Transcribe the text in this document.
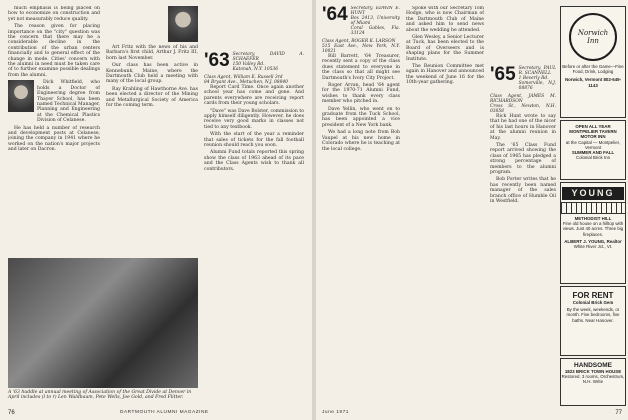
much emphasis is being placed on how to economize on construction and yet not measurably reduce quality.

The reason given for placing importance on the "city" question was the concern that there may be a considerable decline in the contribution of the urban centers financially and to general effect of the change in mode. Cities' concern with the alumni in need must be taken care of to further examine possible dealings from the alumni.

Dick Whitfield, who holds a Doctor of Engineering degree from Thayer School, has been named Technical Manager, Planning and Engineering at the Chemical Plastics Division of Celanese.

He has held a number of research and development posts at Celanese, joining the company in 1941 where he worked on the nation's major projects and later on Dacron.

Art Fritz with the news of his and Barbara's first child, Arthur J. Fritz III, born last November.

Our class has been active in Kennebunk, Maine, where the Dartmouth Club held a meeting with many of the local group.

Ray Krahling of Hawthorne Ave. has been elected a director of the Mining and Metallurgical Society of America for the coming term.

'63 Secretary, DAVID A. SCHAEFER
150 Valley Rd.
Katonah, N.Y. 10536
Class Agent, William E. Russell 3rd
84 Bryant Ave., Metuchen, N.J. 08840

Report Card Time. Once again another school year has come and gone. And parents everywhere are receiving report cards from their young scholars.

"Dave" was Dave Bolster, commission to apply himself diligently. However, he does receive very good marks in classes not tied to any textbook.

With the start of the year a reminder that sales of tickets for the fall football reunion should reach you soon.

Alumni Fund totals reported this spring show the class of 1963 ahead of its pace and the Class Agents wish to thank all contributors.

A '63 huddle at annual meeting of Association of the Great Divide at Denver in April includes (l to r) Len Waldbaum, Pete Wells, Joe Gold, and Fred Flitter.
76	DARTMOUTH ALUMNI MAGAZINE
'64 Secretary, EDWIN E. HUNT
Box 2413, University of Miami
Coral Gables, Fla. 33124
Class Agent, ROGER K. LARSON
515 East Ave., New York, N.Y. 10021

Bill Barrett, '64 Treasurer, recently sent a copy of the class dues statement to everyone in the class so that all might see Dartmouth's Ivory City Project.

Roger Arvan, head '64 agent for the 1970-71 Alumni Fund, wishes to thank every class member who pitched in.

Dave Yellin, who went on to graduate from the Tuck School, has been appointed a vice president of a New York bank.

We had a long note from Bob Vaupel at his new home in Colorado where he is teaching at the local college.

Spoke with our Secretary Tom Hodge, who is now Chairman of the Dartmouth Club of Maine and asked him to send news about the wedding he attended.

Glen Wesley, a Senior Lecturer at Tuck, has been elected to the Board of Overseers and is shaping plans for the Summer Institute.

The Reunion Committee met again in Hanover and announced the weekend of June 16 for the 10th-year gathering.	'65 Secretary, PAUL R. SCANNELL
1 Beverly Rd.
Somerville, N.J. 08876
Class Agent, JAMES M. RICHARDSON
Cross St., Newton, N.H. 03858

Rick Hunt wrote to say that he had one of the nicer of his last hours in Hanover at the alumni reunion in May.

The '65 Class Fund report arrived showing the class of 1965 has pledged a strong percentage of members to the alumni program.

Bob Porter writes that he has recently been named manager of the sales branch office of Humble Oil in Westfield.

Norwich
Inn
Before or after the Game—Fine Food, Drink, Lodging
Norwich, Vermont 802-649-1143
OPEN ALL YEAR
MONTPELIER TAVERN MOTOR INN
at the Capital — Montpelier, Vermont
SUMMER AND FALL
Colonial Brick Inn
YOUNG
METHODIST HILL
Fine old house on a hilltop with views. Just 40 acres. Three big fireplaces.
ALBERT J. YOUNG, Realtor
White River Jct., Vt.
FOR RENT
Colonial Brick Gem
By the week, weekends, or month. Five bedrooms, five baths. Near Hanover.
HANDSOME
1823 BRICK TOWN HOUSE
Restored. 3 rooms, Orchestrum, N.H. Write
June 1971	77
